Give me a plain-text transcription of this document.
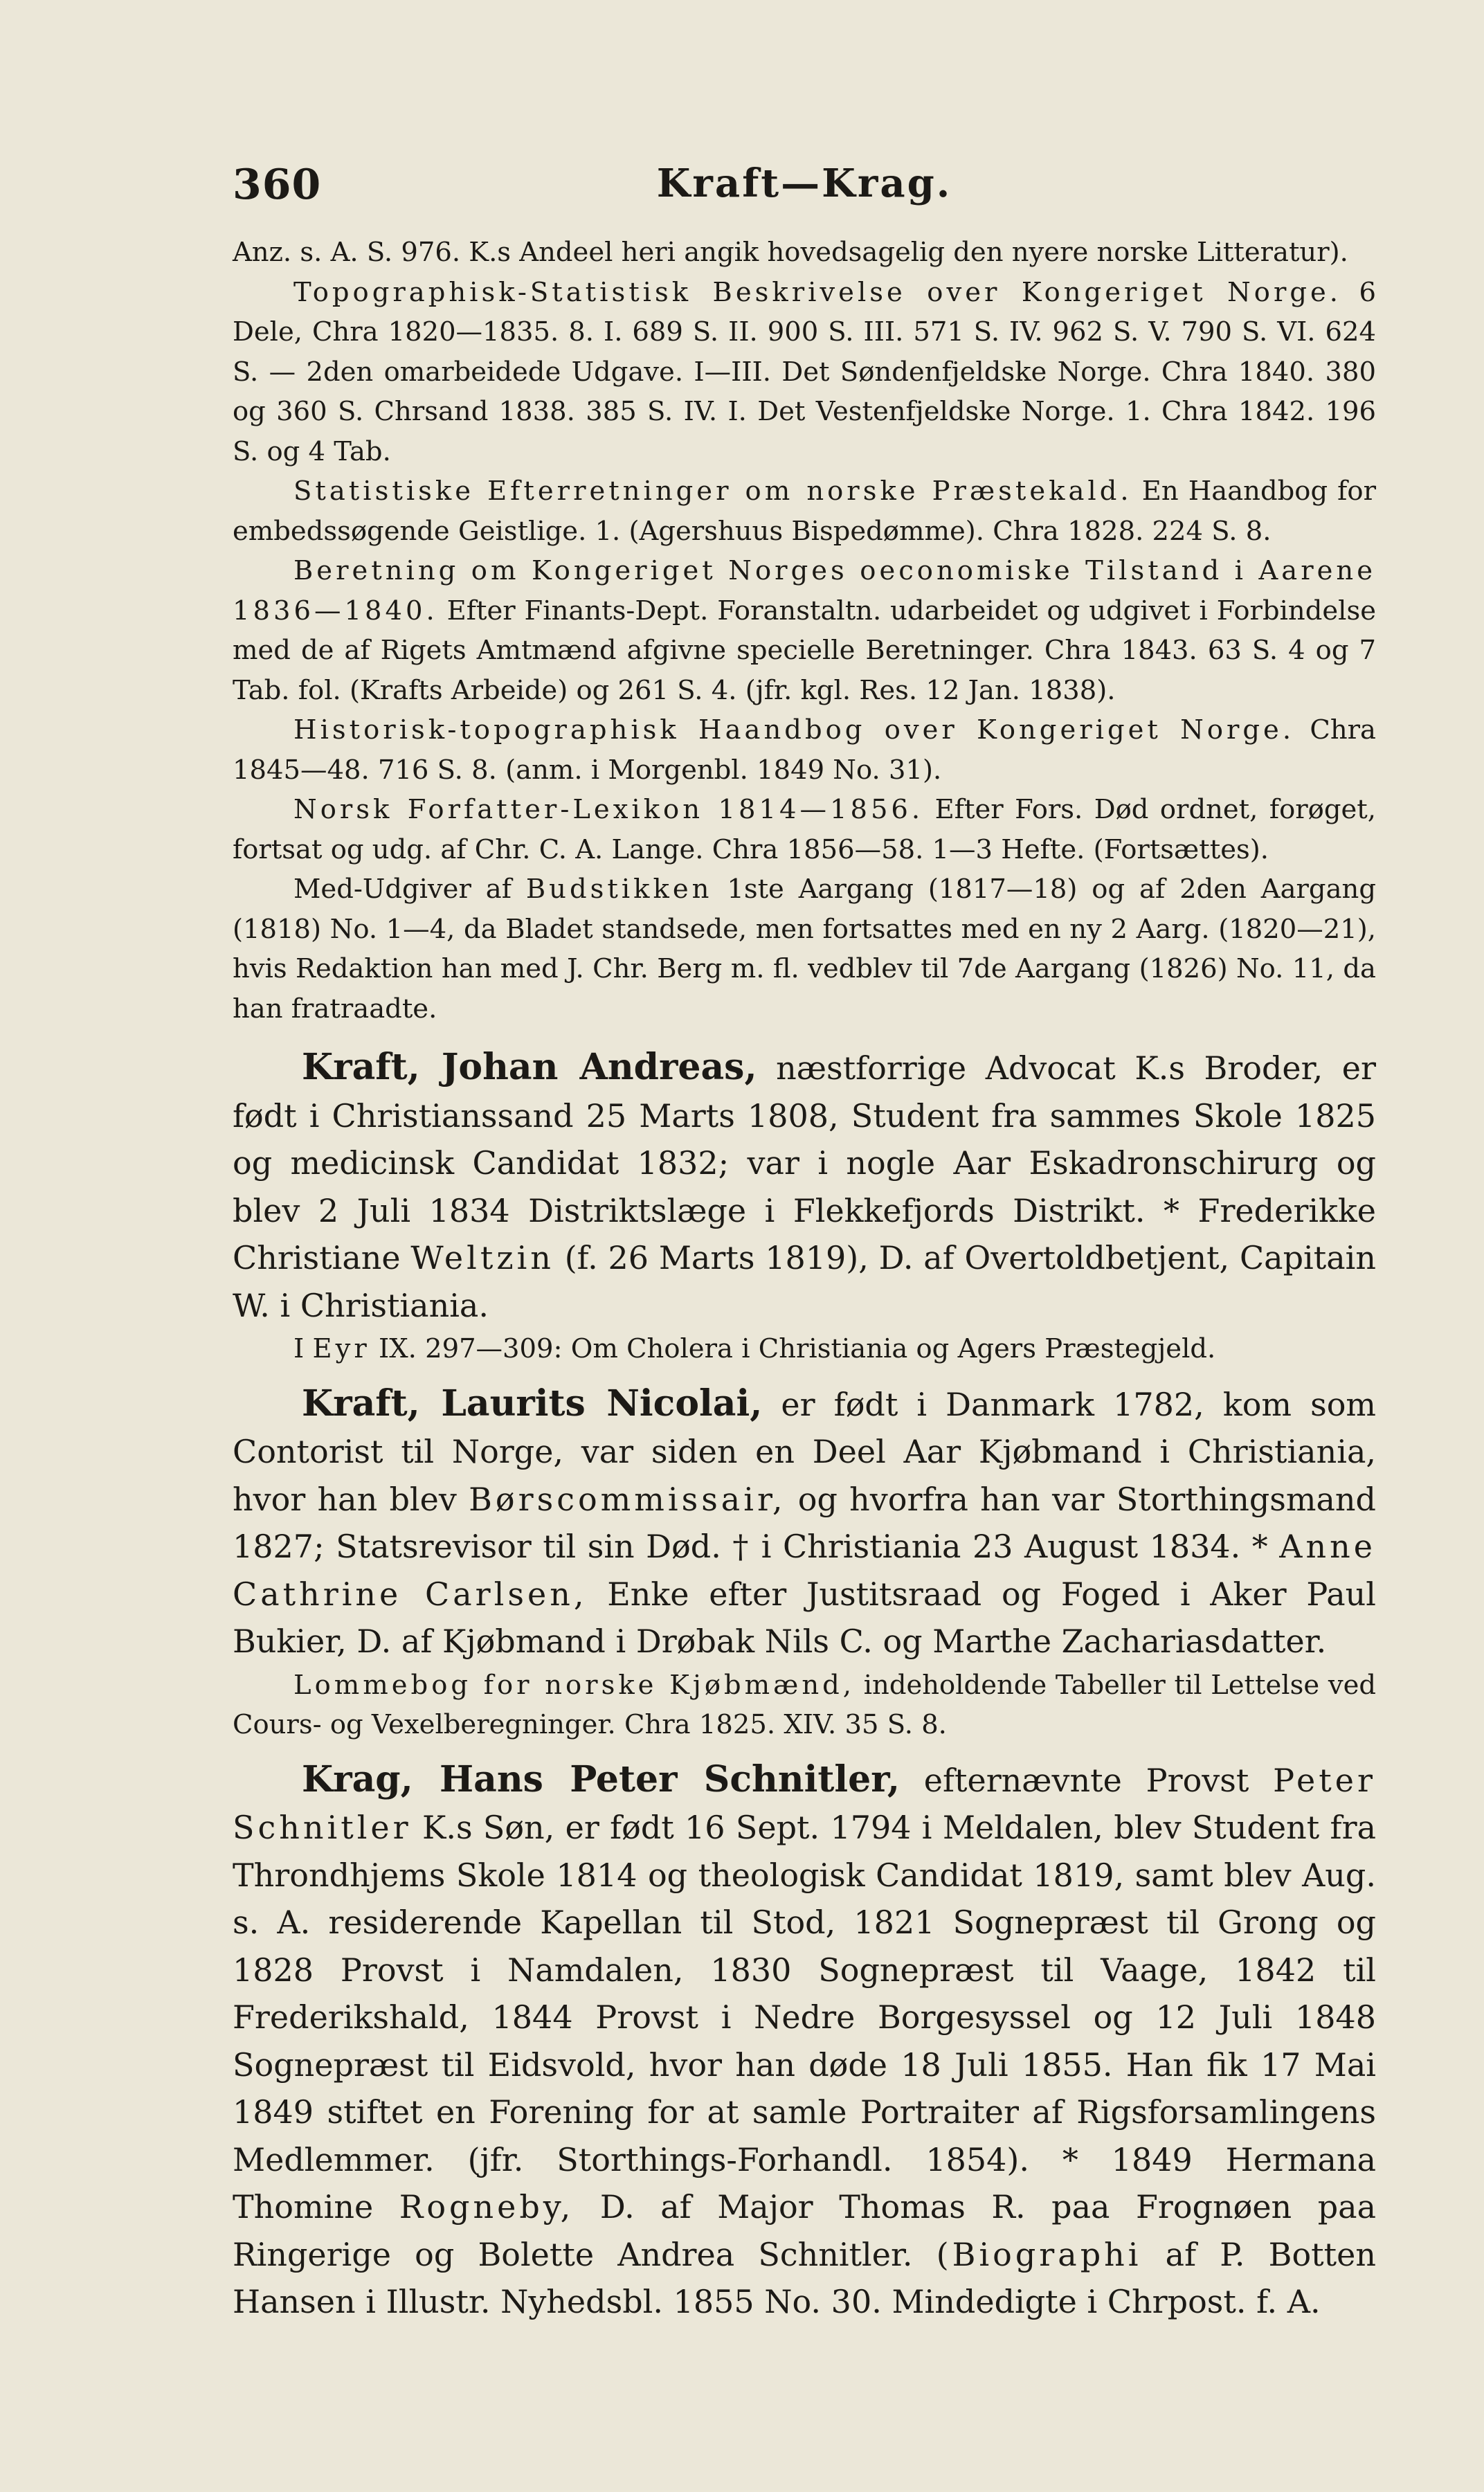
360	Kraft—Krag.

Anz. s. A. S. 976. K.s Andeel heri angik hovedsagelig den nyere norske Litteratur).

Topographisk-Statistisk Beskrivelse over Kongeriget Norge. 6 Dele, Chra 1820—1835. 8. I. 689 S. II. 900 S. III. 571 S. IV. 962 S. V. 790 S. VI. 624 S. — 2den omarbeidede Udgave. I—III. Det Søndenfjeldske Norge. Chra 1840. 380 og 360 S. Chrsand 1838. 385 S. IV. I. Det Vestenfjeldske Norge. 1. Chra 1842. 196 S. og 4 Tab.

Statistiske Efterretninger om norske Præstekald. En Haandbog for embedssøgende Geistlige. 1. (Agershuus Bispedømme). Chra 1828. 224 S. 8.

Beretning om Kongeriget Norges oeconomiske Tilstand i Aarene 1836—1840. Efter Finants-Dept. Foranstaltn. udarbeidet og udgivet i Forbindelse med de af Rigets Amtmænd afgivne specielle Beretninger. Chra 1843. 63 S. 4 og 7 Tab. fol. (Krafts Arbeide) og 261 S. 4. (jfr. kgl. Res. 12 Jan. 1838).

Historisk-topographisk Haandbog over Kongeriget Norge. Chra 1845—48. 716 S. 8. (anm. i Morgenbl. 1849 No. 31).

Norsk Forfatter-Lexikon 1814—1856. Efter Fors. Død ordnet, forøget, fortsat og udg. af Chr. C. A. Lange. Chra 1856—58. 1—3 Hefte. (Fortsættes).

Med-Udgiver af Budstikken 1ste Aargang (1817—18) og af 2den Aargang (1818) No. 1—4, da Bladet standsede, men fortsattes med en ny 2 Aarg. (1820—21), hvis Redaktion han med J. Chr. Berg m. fl. vedblev til 7de Aargang (1826) No. 11, da han fratraadte.

Kraft, Johan Andreas, næstforrige Advocat K.s Broder, er født i Christianssand 25 Marts 1808, Student fra sammes Skole 1825 og medicinsk Candidat 1832; var i nogle Aar Eskadronschirurg og blev 2 Juli 1834 Distriktslæge i Flekkefjords Distrikt. * Frederikke Christiane Weltzin (f. 26 Marts 1819), D. af Overtoldbetjent, Capitain W. i Christiania.

I Eyr IX. 297—309: Om Cholera i Christiania og Agers Præstegjeld.

Kraft, Laurits Nicolai, er født i Danmark 1782, kom som Contorist til Norge, var siden en Deel Aar Kjøbmand i Christiania, hvor han blev Børscommissair, og hvorfra han var Storthingsmand 1827; Statsrevisor til sin Død. † i Christiania 23 August 1834. * Anne Cathrine Carlsen, Enke efter Justitsraad og Foged i Aker Paul Bukier, D. af Kjøbmand i Drøbak Nils C. og Marthe Zachariasdatter.

Lommebog for norske Kjøbmænd, indeholdende Tabeller til Lettelse ved Cours- og Vexelberegninger. Chra 1825. XIV. 35 S. 8.

Krag, Hans Peter Schnitler, efternævnte Provst Peter Schnitler K.s Søn, er født 16 Sept. 1794 i Meldalen, blev Student fra Throndhjems Skole 1814 og theologisk Candidat 1819, samt blev Aug. s. A. residerende Kapellan til Stod, 1821 Sognepræst til Grong og 1828 Provst i Namdalen, 1830 Sognepræst til Vaage, 1842 til Frederikshald, 1844 Provst i Nedre Borgesyssel og 12 Juli 1848 Sognepræst til Eidsvold, hvor han døde 18 Juli 1855. Han fik 17 Mai 1849 stiftet en Forening for at samle Portraiter af Rigsforsamlingens Medlemmer. (jfr. Storthings-Forhandl. 1854). * 1849 Hermana Thomine Rogneby, D. af Major Thomas R. paa Frognøen paa Ringerige og Bolette Andrea Schnitler. (Biographi af P. Botten Hansen i Illustr. Nyhedsbl. 1855 No. 30. Mindedigte i Chrpost. f. A.
